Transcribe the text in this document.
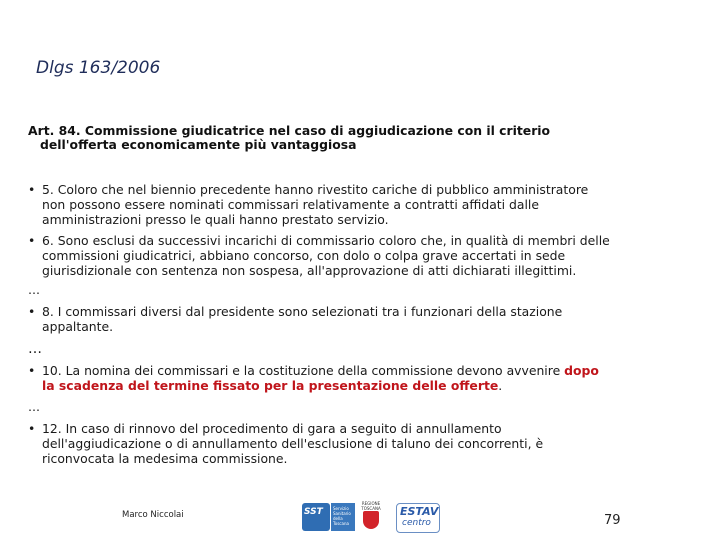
Dlgs 163/2006
Art. 84. Commissione giudicatrice nel caso di aggiudicazione con il criterio
dell'offerta economicamente più vantaggiosa
• 5. Coloro che nel biennio precedente hanno rivestito cariche di pubblico amministratore
non possono essere nominati commissari relativamente a contratti affidati dalle
amministrazioni presso le quali hanno prestato servizio.
• 6. Sono esclusi da successivi incarichi di commissario coloro che, in qualità di membri delle
commissioni giudicatrici, abbiano concorso, con dolo o colpa grave accertati in sede
giurisdizionale con sentenza non sospesa, all'approvazione di atti dichiarati illegittimi.
…
• 8. I commissari diversi dal presidente sono selezionati tra i funzionari della stazione
appaltante.
…
• 10. La nomina dei commissari e la costituzione della commissione devono avvenire dopo
la scadenza del termine fissato per la presentazione delle offerte.
…
• 12. In caso di rinnovo del procedimento di gara a seguito di annullamento
dell'aggiudicazione o di annullamento dell'esclusione di taluno dei concorrenti, è
riconvocata la medesima commissione.
Marco Niccolai	SST	Servizio Sanitario della Toscana
REGIONE TOSCANA	ESTAV
centro	79
